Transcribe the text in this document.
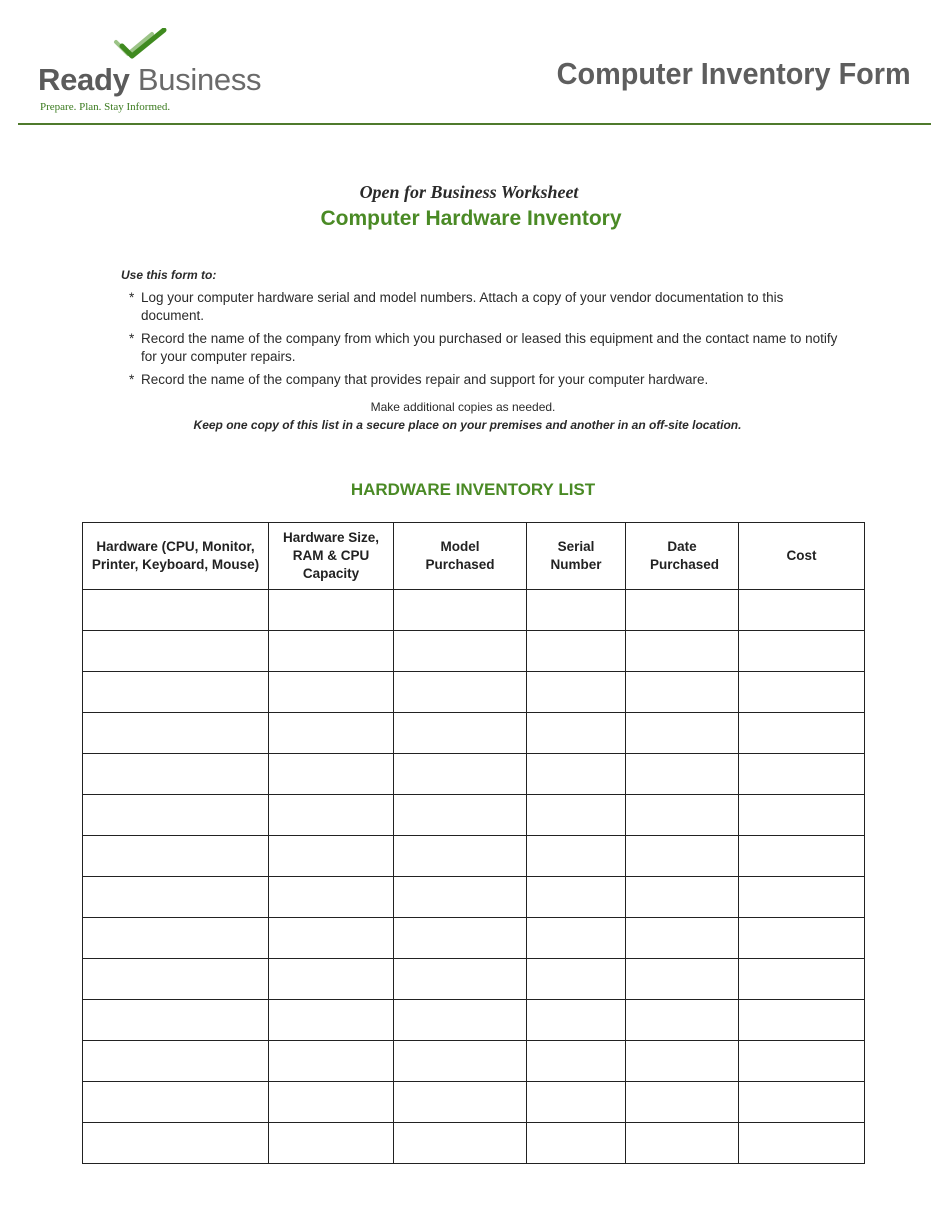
Ready Business
Prepare. Plan. Stay Informed.
Computer Inventory Form
Open for Business Worksheet
Computer Hardware Inventory
Use this form to:
* Log your computer hardware serial and model numbers. Attach a copy of your vendor documentation to this document.
* Record the name of the company from which you purchased or leased this equipment and the contact name to notify for your computer repairs.
* Record the name of the company that provides repair and support for your computer hardware.
Make additional copies as needed.
Keep one copy of this list in a secure place on your premises and another in an off-site location.
HARDWARE INVENTORY LIST
Hardware (CPU, Monitor, Printer, Keyboard, Mouse)	Hardware Size, RAM & CPU Capacity	Model Purchased	Serial Number	Date Purchased	Cost
